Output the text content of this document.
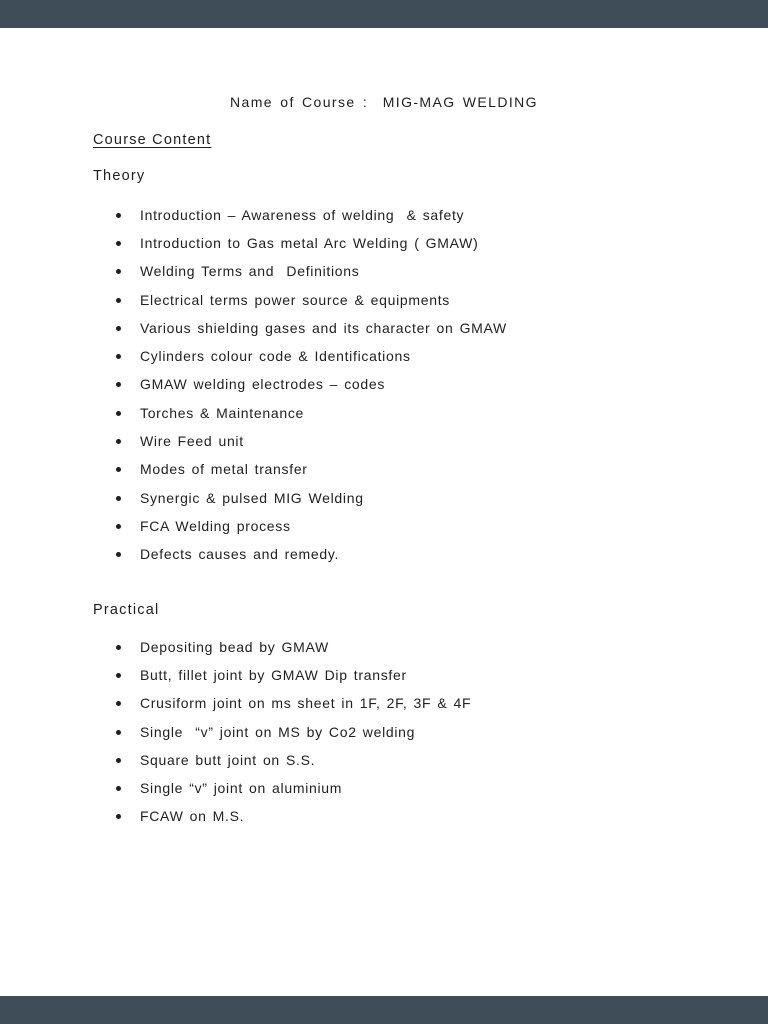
Name of Course :  MIG-MAG WELDING
Course Content
Theory
Introduction – Awareness of welding  & safety
Introduction to Gas metal Arc Welding ( GMAW)
Welding Terms and  Definitions
Electrical terms power source & equipments
Various shielding gases and its character on GMAW
Cylinders colour code & Identifications
GMAW welding electrodes – codes
Torches & Maintenance
Wire Feed unit
Modes of metal transfer
Synergic & pulsed MIG Welding
FCA Welding process
Defects causes and remedy.
Practical
Depositing bead by GMAW
Butt, fillet joint by GMAW Dip transfer
Crusiform joint on ms sheet in 1F, 2F, 3F & 4F
Single  “v” joint on MS by Co2 welding
Square butt joint on S.S.
Single “v” joint on aluminium
FCAW on M.S.
